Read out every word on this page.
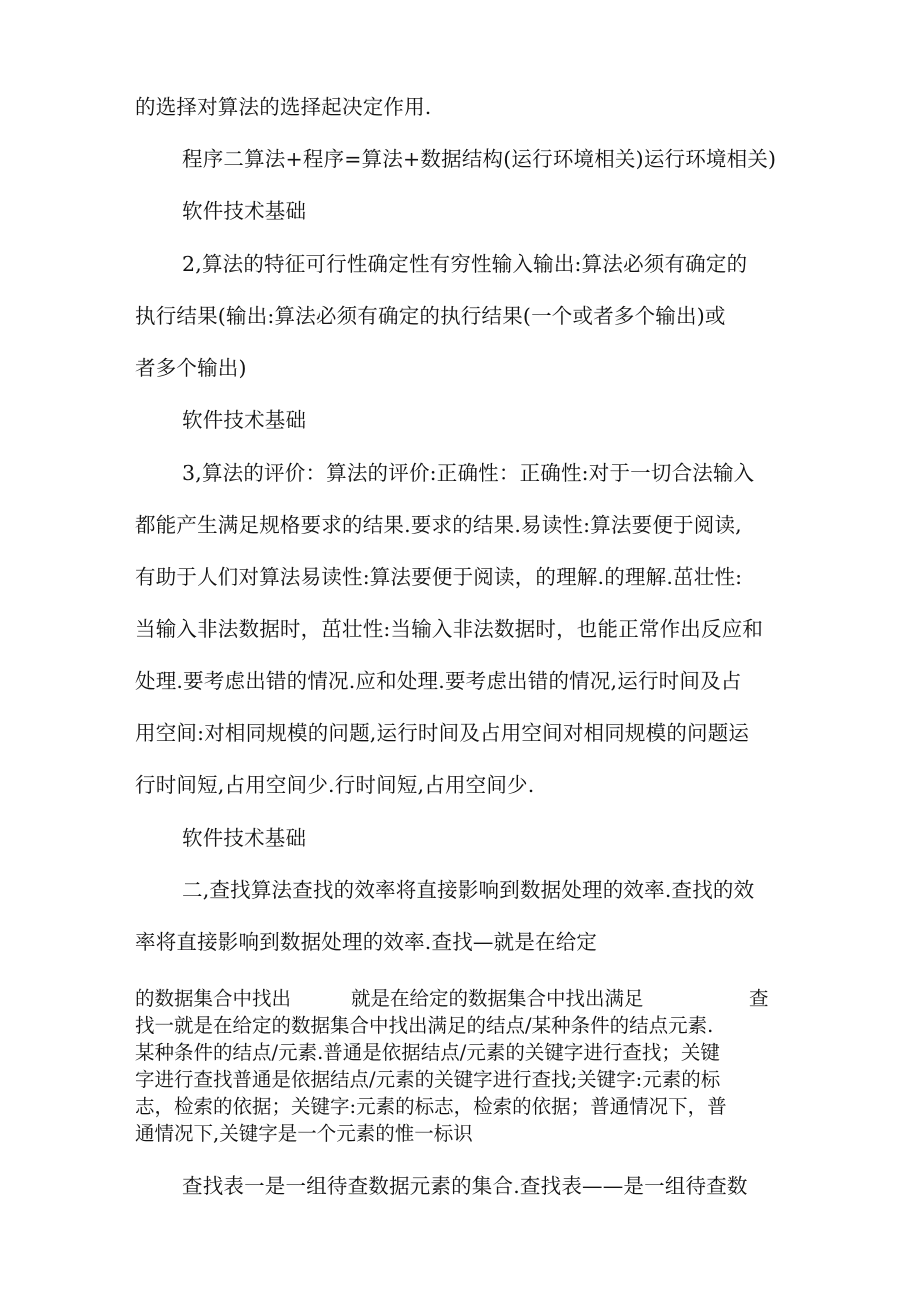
的选择对算法的选择起决定作用.
程序二算法+程序=算法+数据结构(运行环境相关)运行环境相关)
软件技术基础
2,算法的特征可行性确定性有穷性输入输出:算法必须有确定的
执行结果(输出:算法必须有确定的执行结果(一个或者多个输出)或
者多个输出)
软件技术基础
3,算法的评价：算法的评价:正确性：正确性:对于一切合法输入
都能产生满足规格要求的结果.要求的结果.易读性:算法要便于阅读,
有助于人们对算法易读性:算法要便于阅读，的理解.的理解.茁壮性:
当输入非法数据时，茁壮性:当输入非法数据时，也能正常作出反应和
处理.要考虑出错的情况.应和处理.要考虑出错的情况,运行时间及占
用空间:对相同规模的问题,运行时间及占用空间对相同规模的问题运
行时间短,占用空间少.行时间短,占用空间少.
软件技术基础
二,查找算法查找的效率将直接影响到数据处理的效率.查找的效
率将直接影响到数据处理的效率.查找—就是在给定
的数据集合中找出	就是在给定的数据集合中找出满足	查
找一就是在给定的数据集合中找出满足的结点/某种条件的结点元素.
某种条件的结点/元素.普通是依据结点/元素的关键字进行查找；关键
字进行查找普通是依据结点/元素的关键字进行查找;关键字:元素的标
志，检索的依据；关键字:元素的标志，检索的依据；普通情况下，普
通情况下,关键字是一个元素的惟一标识
查找表一是一组待查数据元素的集合.查找表——是一组待查数
